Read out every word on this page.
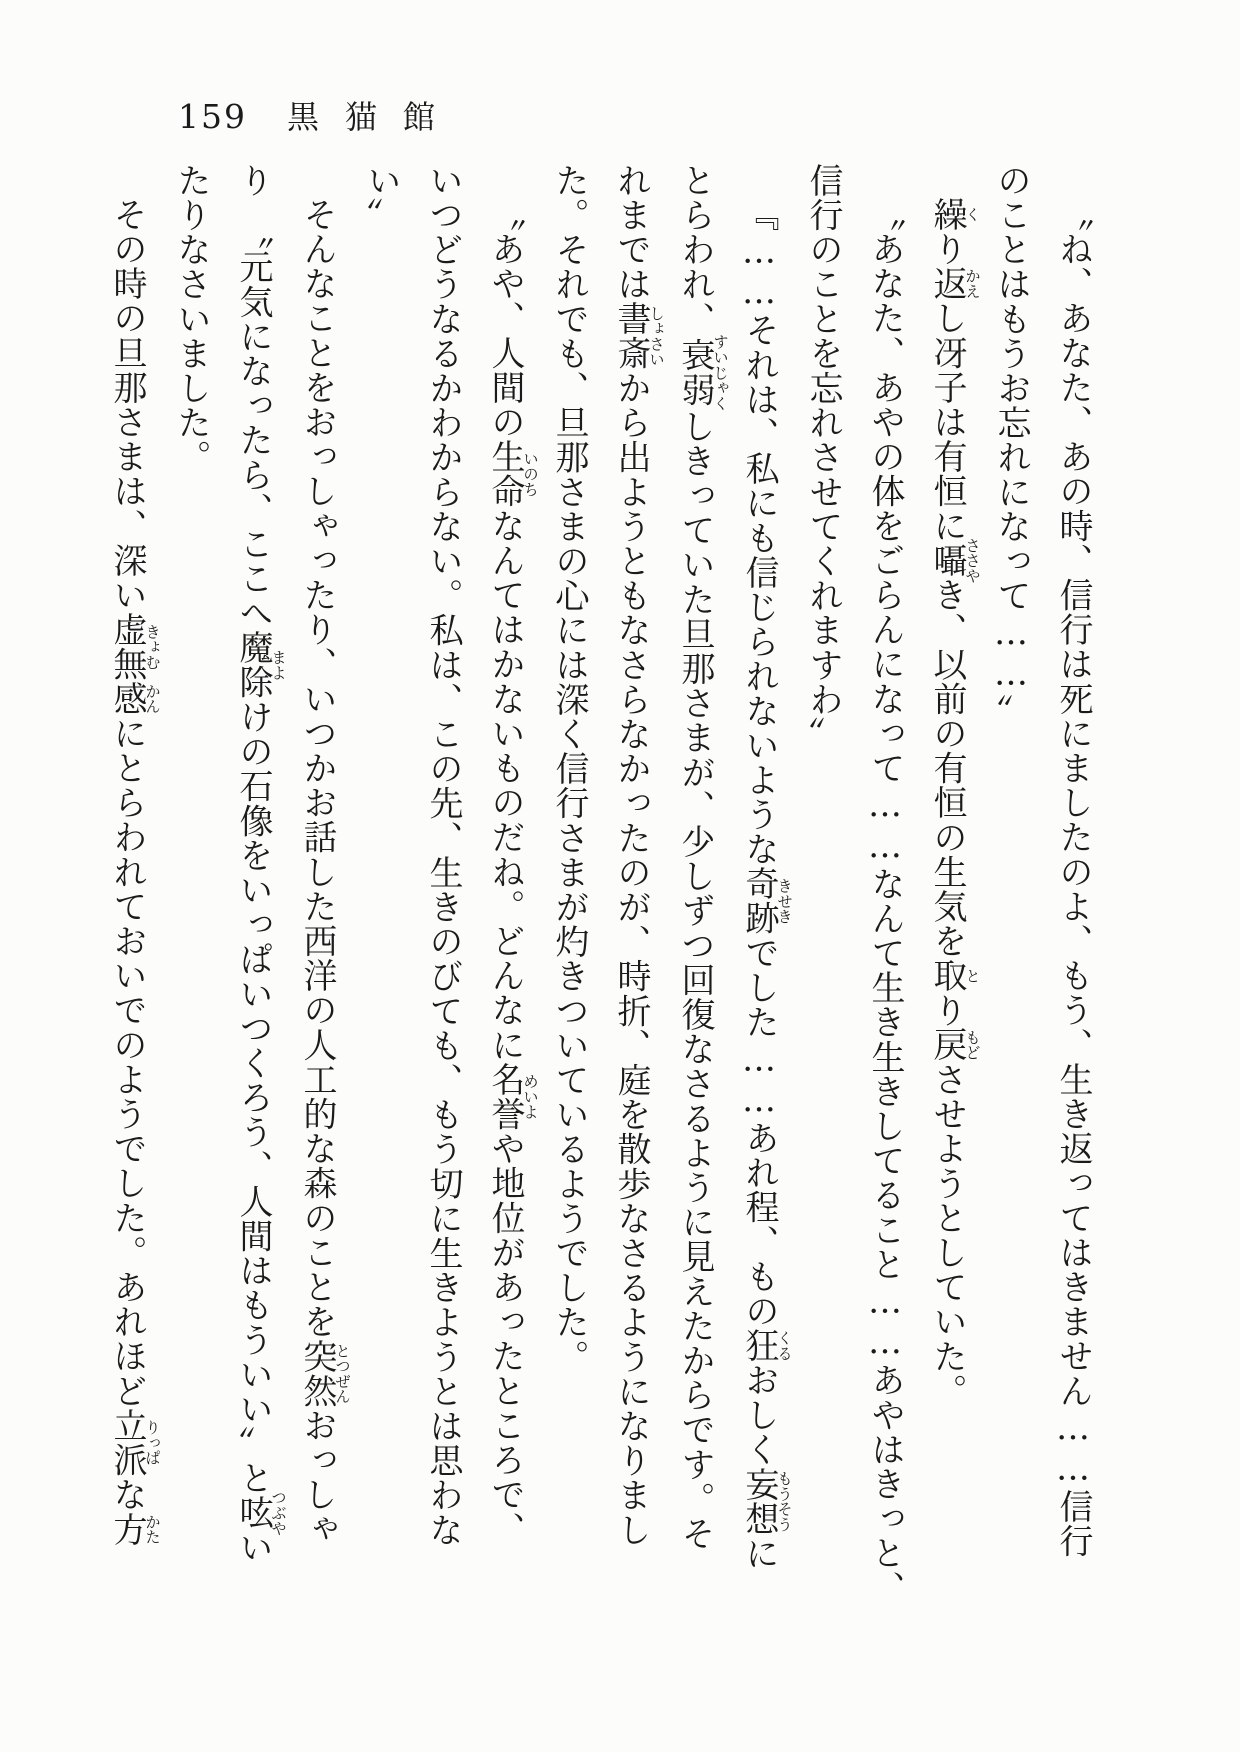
159 黒猫館

〝ね、あなた、あの時、信行は死にましたのよ、もう、生き返ってはきません……信行

のことはもうお忘れになって……〟

繰くり返かえし冴子は有恒に囁ささやき、以前の有恒の生気を取とり戻もどさせようとしていた。

〝あなた、あやの体をごらんになって……なんて生き生きしてること……あやはきっと、

信行のことを忘れさせてくれますわ〟

『……それは、私にも信じられないような奇跡きせきでした……あれ程、もの狂くるおしく妄想もうそうに

とらわれ、衰弱すいじゃくしきっていた旦那さまが、少しずつ回復なさるように見えたからです。そ

れまでは書斎しょさいから出ようともなさらなかったのが、時折、庭を散歩なさるようになりまし

た。それでも、旦那さまの心には深く信行さまが灼きついているようでした。

〝あや、人間の生命いのちなんてはかないものだね。どんなに名誉めいよや地位があったところで、

いつどうなるかわからない。私は、この先、生きのびても、もう切に生きようとは思わな

い〟

そんなことをおっしゃったり、いつかお話した西洋の人工的な森のことを突然とつぜんおっしゃ

り　〝元気になったら、ここへ魔除まよけの石像をいっぱいつくろう、人間はもういい〟と呟つぶやい

たりなさいました。

その時の旦那さまは、深い虚無きょむ感かんにとらわれておいでのようでした。あれほど立派りっぱな方かた
